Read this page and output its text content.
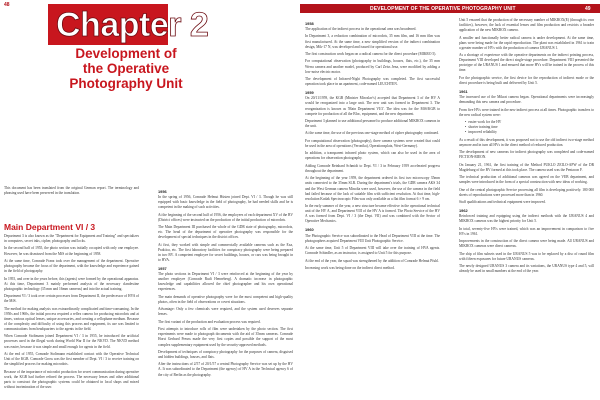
48
DEVELOPMENT OF THE OPERATIVE PHOTOGRAPHY UNIT	49
Chapter 2
Development of the Operative Photography Unit

This document has been translated from the original German report. The terminology and phrasing used have been preserved in the translation.

Main Department VI / 3

Department 3 is also known as the "Department for Equipment and Training" and specializes in computers, secret inks, cipher, photography and locks.

In the second half of 1955, the photo section was initially occupied with only one employee. However, he was dismissed from the MfS at the beginning of 1958.

At the same time, Comrade Franz took over the management of the department. Operative photography became the focus of the department, with the knowledge and experience gained in the field of photography.

In 1955, and over in the years before, this (agents) were formed by the operational apparatus. At this time, Department 3 mainly performed analysis of the necessary clandestine photographic technology (35 mm and 16mm cameras) and into the actual training.

Department VI / 3 took over certain processes from Department II, the predecessor of HVA of the MfS.

The method for making analysis was extraordinarily complicated and time-consuming. In the 1950s and 1960s, the initial process required a reflex camera for producing microdots and at times, various optical lenses, unique accessories, and creating a cellophane medium. Because of the complexity and difficulty of using this process and equipment, its use was limited to communications from headquarters to the agents in the field.

When Comrade Stoltmann joined Department VI / 3 in 1955, he introduced the artificial processes used in the illegal work during World War II for the NKVD. The NKVD method was easier, because it was simple and small enough for agents in the field.

At the end of 1955, Comrade Stoltmann established contact with the Operative Technical Unit of the KGB. Comrade Gross was the first member of Dept. VI / 3 to receive training on the simplified process for making microdots.

Because of the importance of microdot production for secret communication during operative work, the KGB had further refined the process. The necessary lenses and other additional parts to construct the photographic systems could be obtained in local shops and mixed without incrimination of the user.

1956

In the spring of 1956, Comrade Helmut Hüsten joined Dept. VI / 3. Though he was still equipped with basic knowledge in the field of photography, he had needed skills and he is competent in the making of such activities.

At the beginning of the second half of 1956, the employees of each department XV of the BV (District offices) were instructed on the production of the initial production of microdots.

The Main Department III purchased the whole of the GDR state of photography, microdots, etc. The head of the department of operative photography was responsible for the development of special techniques in the district offices.

At first, they worked with simple and commercially available cameras such as the Exa, Praktica, etc. The first laboratory facilities for conspiracy photography were being prepared in two BV. A competent employee for secret buildings, houses, or cars was being brought in to HVA.

1957

The photo sections in Department VI / 3 were reinforced at the beginning of the year by another employee (Comrade Rudi Henneberg). A dramatic increase in photographic knowledge and capabilities allowed the chief photographer and his own operational experiences.

The main demands of operative photography were for the most competent and high-quality photos, often in the field of observations or covert situations.

Advantage: Only a few chemicals were required, and the system used deserves separate lenses.

The first variant of the production and evaluation process was required.

First attempts to introduce rolls of film were undertaken by the photo section. The first experiments were made to photograph documents with the aid of 35mm cameras. Comrade Horst Gerhard Preuss made the very first copies and possible the support of the most complex supplementary equipment used by the security-approved methods.

Development of techniques of conspiracy photography for the purposes of camera, disguised and hidden buildings, houses, and flats.

After the instructions of 2/57 of 20/1/57 a central Photography Service was set up by the HV A. It was subordinated to the Department (the agency) of HV A in the Technical agency 6 of the city of Berlin as the photography.

1958

The application of the indirect process in the operational area was broadened.

In Department 3, a reduction combination of microdots, 35 mm film, and 16 mm film was first manufactured. At the same time, a new simplified version of the indirect combination design, Mik-17 N, was developed and issued for operational use.

The first construction work began on a radical camera for the direct procedure (MIKRO 5).

For computational observation (photography in buildings, houses, flats, etc.), the 35 mm Werra camera and another model, produced by Carl Zeiss Jena, were modified by adding a low-noise electric motor.

The development of Infrared-Night Photography was completed. The first successful operation took place in an apartment, code-named LEUCHTEN.

1959

On 20/11/1959, the KGB (Minister Miroslav's) accepted that Department 3 of the HV A would be reorganized into a large unit. The new unit was formed in Department 3. The reorganization is known as 'Main Department VI/3'. The idea was for the MfS/KGB to compete for production of all the Bloc, equipment, and the new department.

Department 3 planned to use additional personnel to produce additional MIKROX cameras in the unit.

At the same time, the use of the previous one-stage method of cipher photography continued.

For computational observation (photography), three camera systems were created that could be used in the area of operations (Veronika), Operationsplatz, West-Germany).

In addition, a transparent infrared photo system, which can also be used in the area of operations for observation photography.

Adding Comrade Reinhard Schmidt to Dept. VI / 3 in February 1959 accelerated progress throughout the department.

At the beginning of the year 1959, the department ordered its first two microscopy 35mm units connected to the 35mm SLR. During the department's trials, the GDR camera AKS 34 and the West German camera Minolta were used, however, the use of the camera in the field had failed because of the lack of suitable film with sufficient resolution. At that time, high-resolution Kodak Spectroscopic Film was only available as a flat film format 6 × 9 cm.

In the early summer of the year, a new structure became effective in the operational technical unit of the HV A, and Department VIII of the HV A is formed. The Photo Service of the HV A was formed from Dept. VI / 3 (the Dept. VII) and was combined with the Sector of Operative Mechanics.

1960

The Photographic Service was subordinated to the Head of Department VIII at the time. The photographers acquired Department VIII Unit Photographic Service.

At the same time, Unit 5 of Department VIII will take over the training of HVA agents. Comrade Schindler, as an instructor, is assigned to Unit 5 for this purpose.

At the end of the year, the squad was strengthened by the addition of Comrade Helmut Pfuhl.

Increasing work was being done on the indirect direct method.

Unit 5 ensured that the production of the necessary number of MIKROX(E) (through its own facilities), however, the lack of essential lenses and film production and restricts a broader application of the new MIKROX camera.

A smaller and functionally better radical camera is under development. At the same time, plans were being made for the rapid reproduction. The plant was established in 1961 to train a greater number of HVs with the production of camera URANUS 1.

As a shortage of experience with the operative departments on the indirect printing process, Department VIII developed the direct single-stage procedure. Department VIII presented the prototype of the URANUS 1 and ensured that more HVs will be trained in the process of this time.

For the photographic service, the first device for the reproduction of indirect mode or the direct procedure is being built and delivered by Unit 5.

1961

The increased use of the Mikrat camera began. Operational departments were increasingly demanding this new camera and procedure.

From five HVs were trained in the new indirect process at all times. Photographic transfers to the new radical system were:

• easier work for the HV
• shorter training time
• improved reliability

As a result of this development, it was proposed not to use the old indirect two-stage method anymore and in turn all HVs in the direct method of reduced production.

The development of new cameras for indirect photography was completed and code-named FICTION-RIEON.

On January 21, 1961, the first training of the Method PUKLO ZEILO-APW of the DR Magdeburg of the BV formed at this took place. The camera used was the Pentacon F.

The technical production of additional cameras was agreed on the VEB department, and samples were introduced in the form of a special construction with new ideas of working.

One of the central photographic Service processing all film is developing positively. 180 000 sheets of reproductions were processed more than in 1960.

Staff qualifications and technical equipment were improved.

1962

Reinforced training and equipping using the indirect methods with the URANUS 4 and MIKROX cameras was the highest priority for Unit 5.

In total, seventy-five HVs were trained, which was an improvement in comparison to five HVs in 1961.

Improvements in the construction of the direct camera were being made. All URANUS and MIKROX cameras were direct cameras.

The ship of film subsets used in the URANUS 5 was to be replaced by a disc of round film with fifteen exposures for future URANUS cameras.

The newly designed URANUS 3 camera and its variations, the URANUS type 4 and 5, will already be used in small numbers at the end of the year.
